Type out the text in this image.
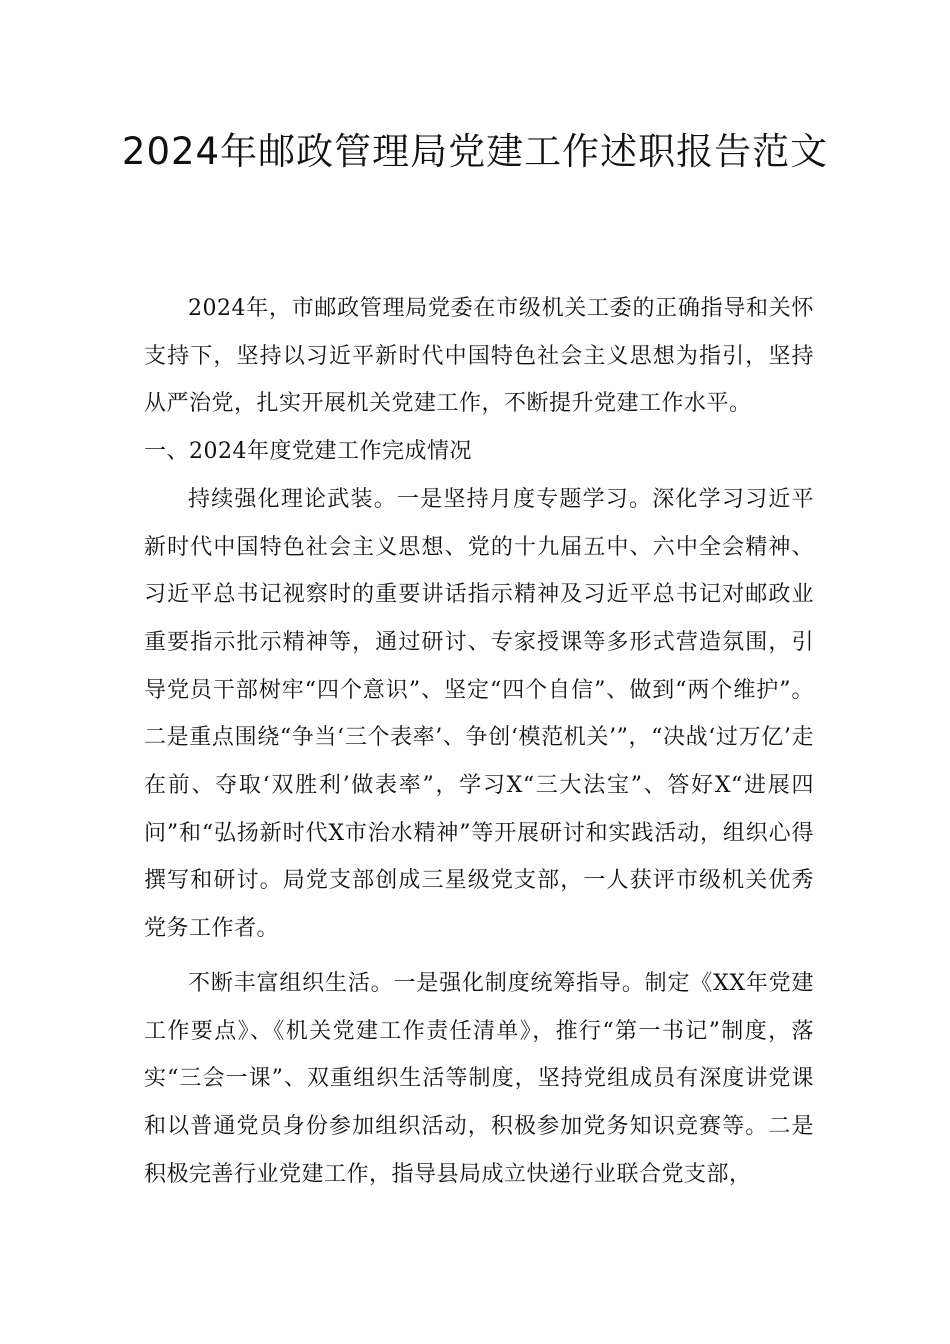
2024年邮政管理局党建工作述职报告范文

2024年，市邮政管理局党委在市级机关工委的正确指导和关怀支持下，坚持以习近平新时代中国特色社会主义思想为指引，坚持从严治党，扎实开展机关党建工作，不断提升党建工作水平。

一、2024年度党建工作完成情况

持续强化理论武装。一是坚持月度专题学习。深化学习习近平新时代中国特色社会主义思想、党的十九届五中、六中全会精神、习近平总书记视察时的重要讲话指示精神及习近平总书记对邮政业重要指示批示精神等，通过研讨、专家授课等多形式营造氛围，引导党员干部树牢“四个意识”、坚定“四个自信”、做到“两个维护”。二是重点围绕“争当‘三个表率’、争创‘模范机关’”，“决战‘过万亿’走在前、夺取‘双胜利’做表率”，学习X“三大法宝”、答好X“进展四问”和“弘扬新时代X市治水精神”等开展研讨和实践活动，组织心得撰写和研讨。局党支部创成三星级党支部，一人获评市级机关优秀党务工作者。

不断丰富组织生活。一是强化制度统筹指导。制定《XX年党建工作要点》、《机关党建工作责任清单》，推行“第一书记”制度，落实“三会一课”、双重组织生活等制度，坚持党组成员有深度讲党课和以普通党员身份参加组织活动，积极参加党务知识竞赛等。二是积极完善行业党建工作，指导县局成立快递行业联合党支部，
